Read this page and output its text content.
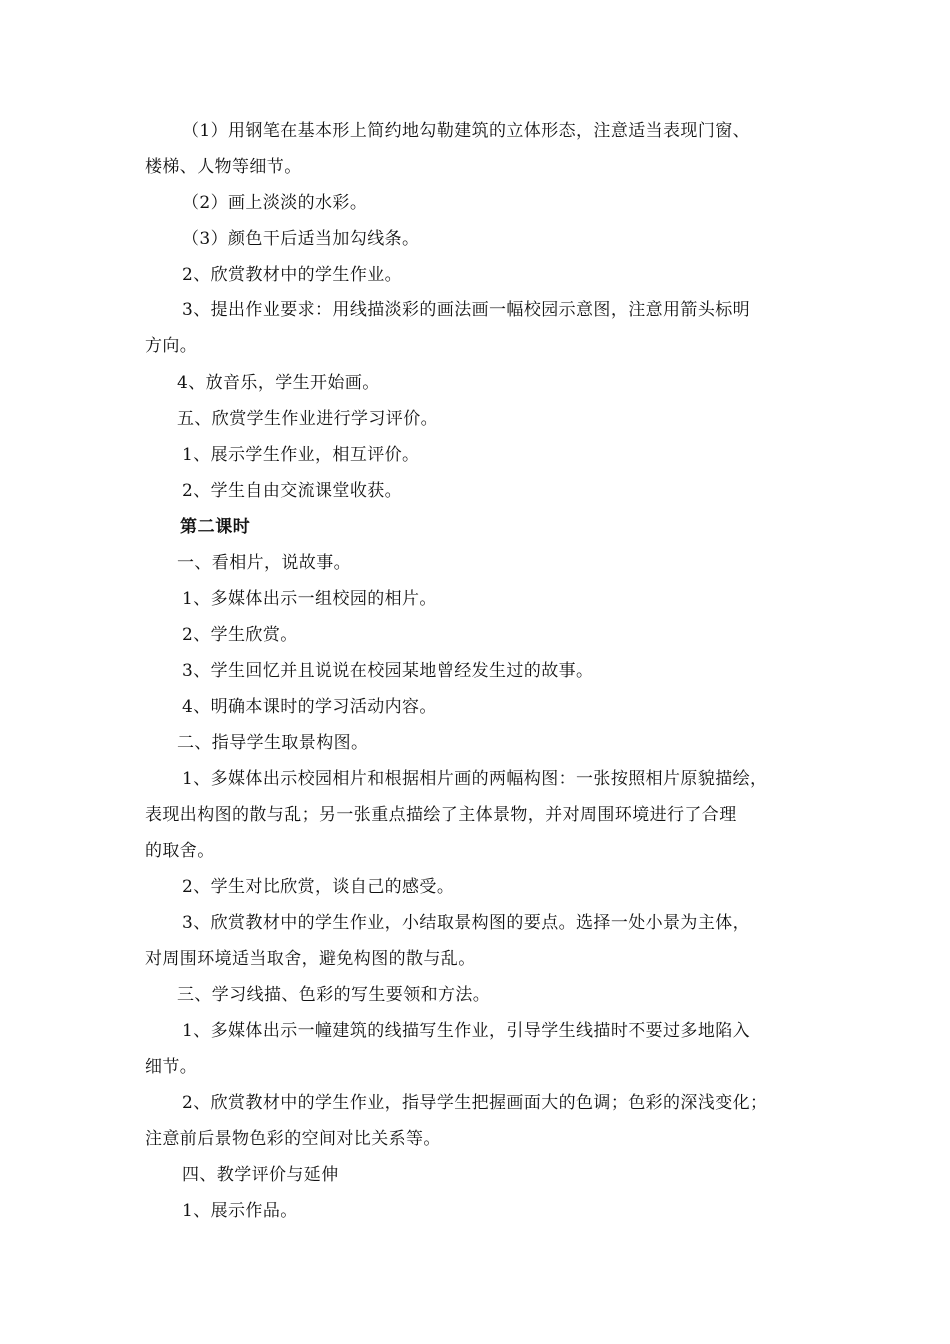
（1）用钢笔在基本形上简约地勾勒建筑的立体形态，注意适当表现门窗、
楼梯、人物等细节。
（2）画上淡淡的水彩。
（3）颜色干后适当加勾线条。
2、欣赏教材中的学生作业。
3、提出作业要求：用线描淡彩的画法画一幅校园示意图，注意用箭头标明
方向。
4、放音乐，学生开始画。
五、欣赏学生作业进行学习评价。
1、展示学生作业，相互评价。
2、学生自由交流课堂收获。
第二课时
一、看相片，说故事。
1、多媒体出示一组校园的相片。
2、学生欣赏。
3、学生回忆并且说说在校园某地曾经发生过的故事。
4、明确本课时的学习活动内容。
二、指导学生取景构图。
1、多媒体出示校园相片和根据相片画的两幅构图：一张按照相片原貌描绘，
表现出构图的散与乱；另一张重点描绘了主体景物，并对周围环境进行了合理
的取舍。
2、学生对比欣赏，谈自己的感受。
3、欣赏教材中的学生作业，小结取景构图的要点。选择一处小景为主体，
对周围环境适当取舍，避免构图的散与乱。
三、学习线描、色彩的写生要领和方法。
1、多媒体出示一幢建筑的线描写生作业，引导学生线描时不要过多地陷入
细节。
2、欣赏教材中的学生作业，指导学生把握画面大的色调；色彩的深浅变化；
注意前后景物色彩的空间对比关系等。
四、教学评价与延伸
1、展示作品。
